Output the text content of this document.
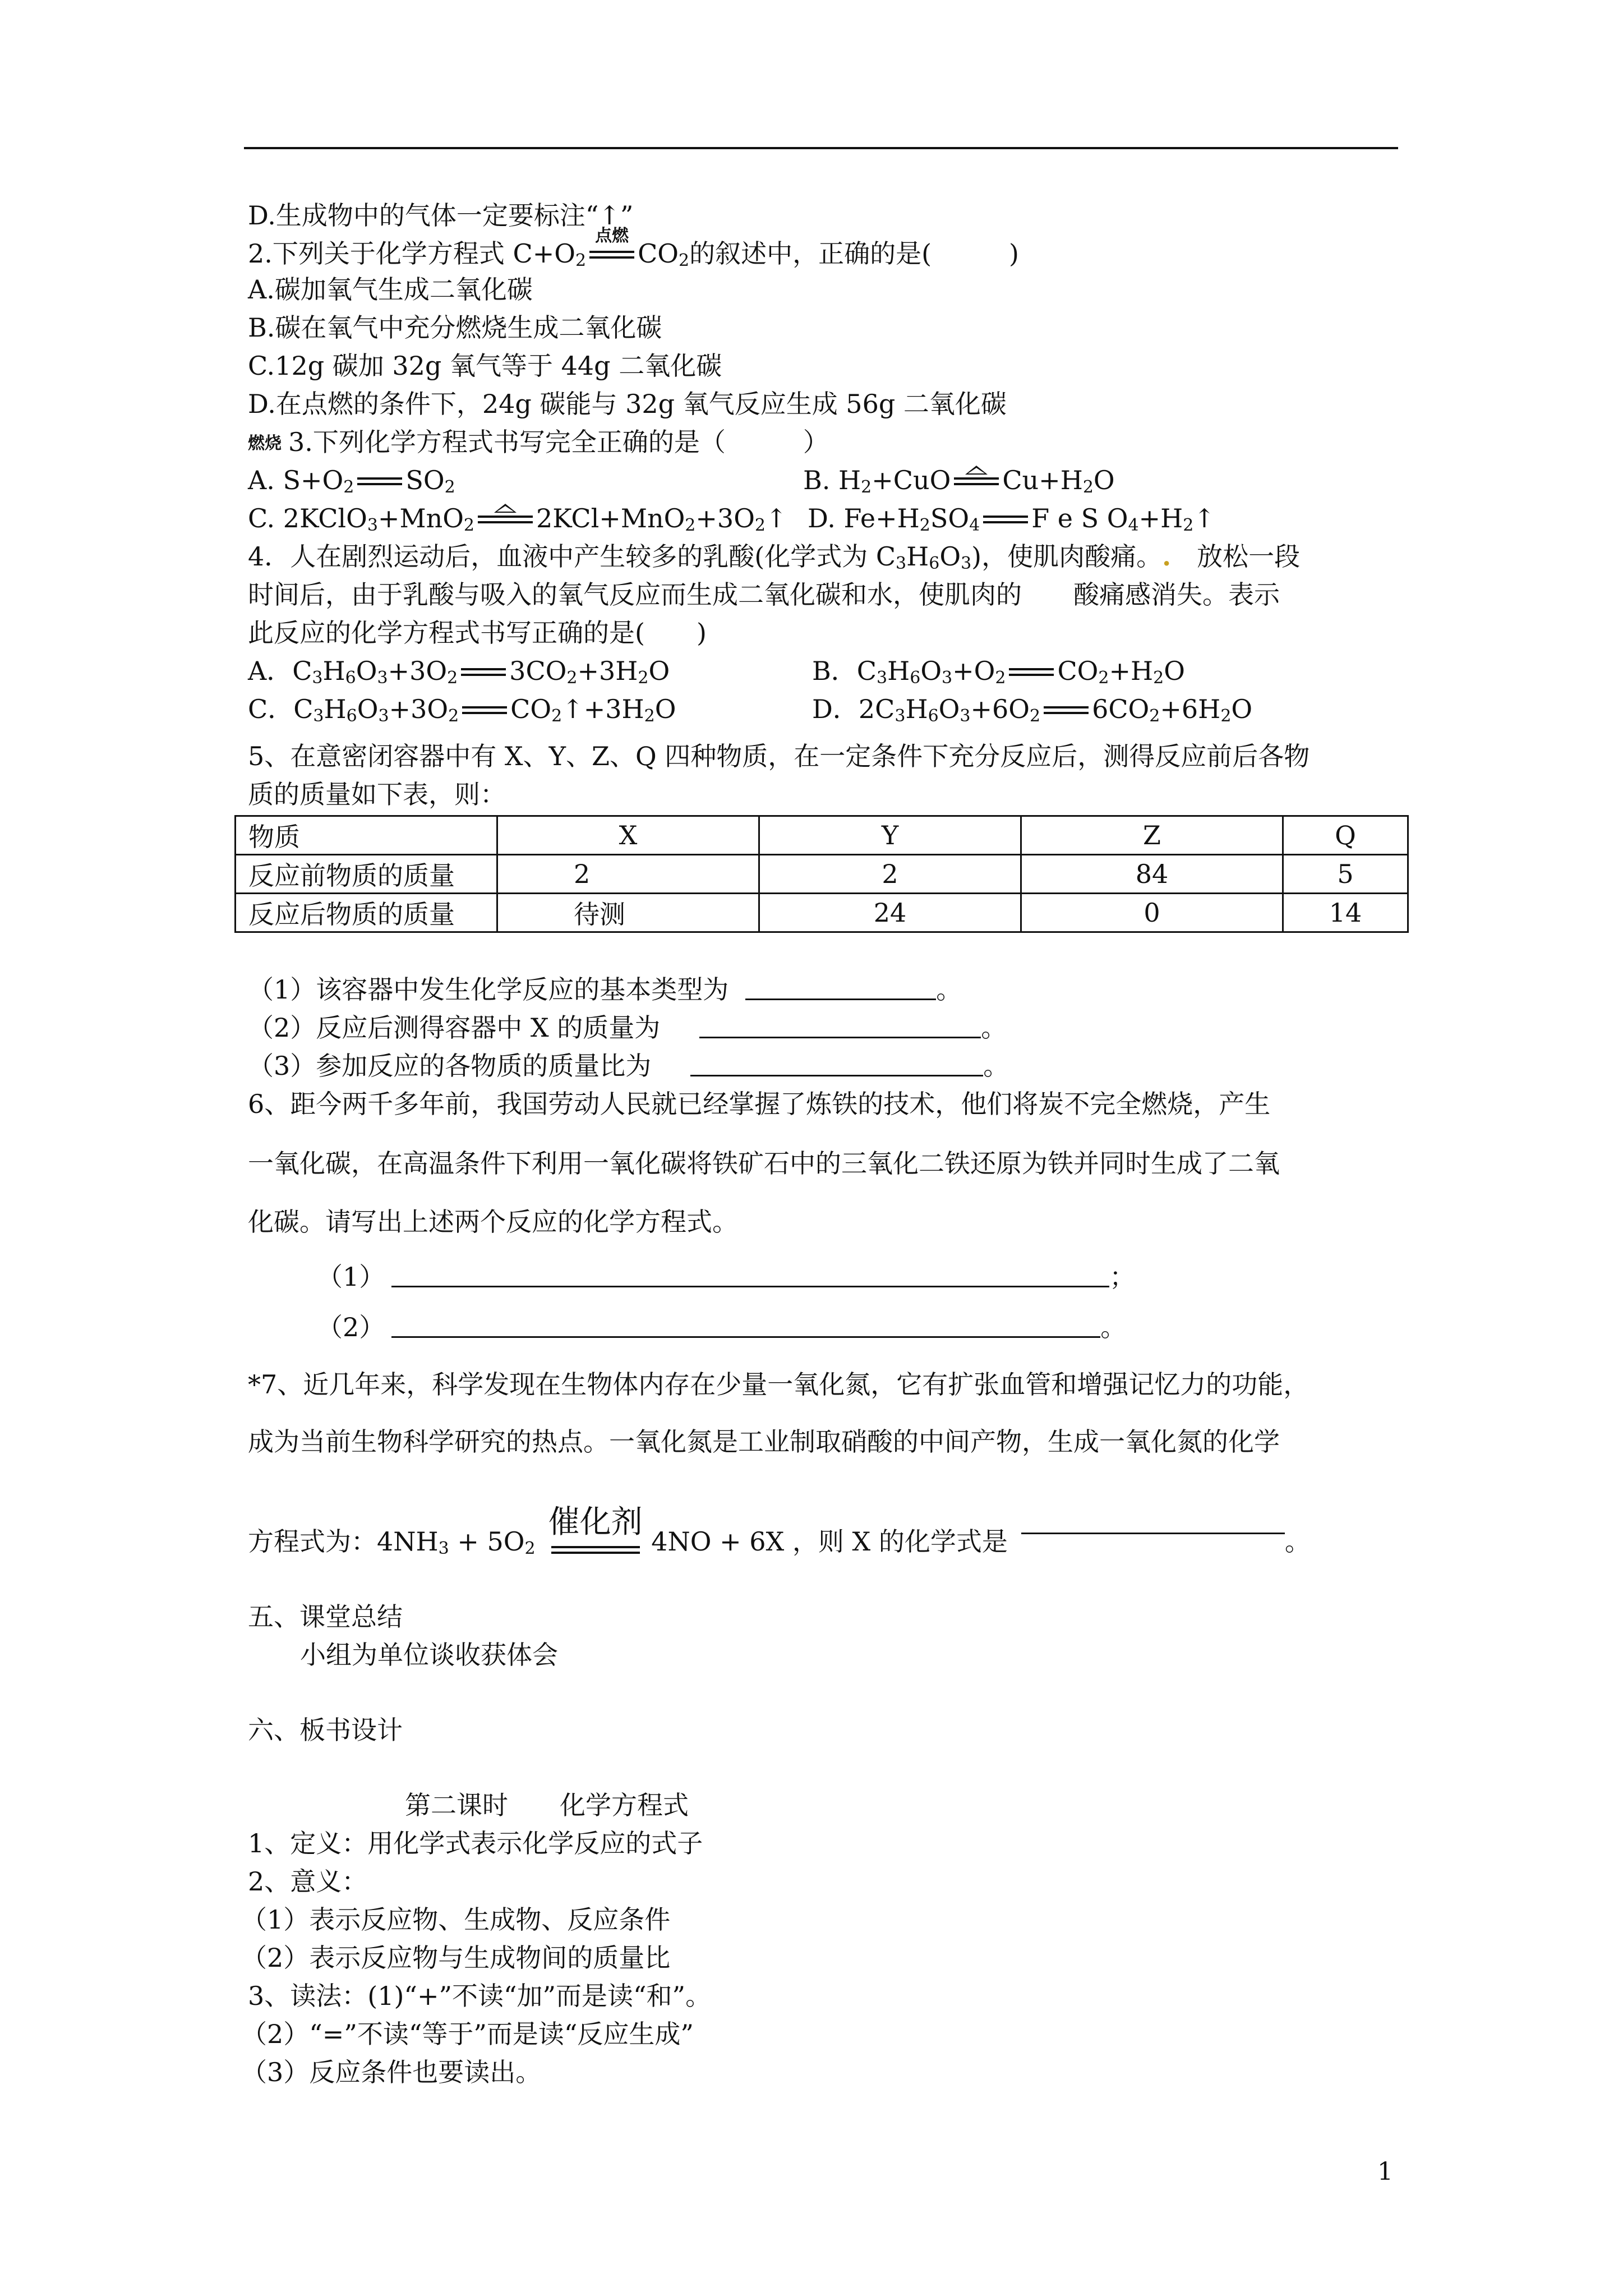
D.生成物中的气体一定要标注“↑”
2.下列关于化学方程式 $C+O_2$
点燃
$CO_2$的叙述中，正确的是(　　　)
A.碳加氧气生成二氧化碳
B.碳在氧气中充分燃烧生成二氧化碳
C.12g 碳加 32g 氧气等于 44g 二氧化碳
D.在点燃的条件下，24g 碳能与 32g 氧气反应生成 56g 二氧化碳
燃烧 3.下列化学方程式书写完全正确的是（　　　）
A. $S+O_2$ $SO_2$	B. $H_2+CuO$ $Cu+H_2O$
C. 2KClO$_3$+MnO$_2$ $2KCl+MnO_2+3O_2↑$ D. $Fe+H_2SO_4$ F e S $O_4+H_2↑$
4．人在剧烈运动后，血液中产生较多的乳酸(化学式为 $C_3H_6O_3$)，使肌肉酸痛。.　放松一段
时间后，由于乳酸与吸入的氧气反应而生成二氧化碳和水，使肌肉的　　酸痛感消失。表示
此反应的化学方程式书写正确的是(　　)
A．$C_3H_6O_3+3O_2$ $3CO_2+3H_2O$	B．$C_3H_6O_3+O_2$ $CO_2+H_2O$
C．$C_3H_6O_3+3O_2$ $CO_2↑+3H_2O$	D．$2C_3H_6O_3+6O_2$ $6CO_2+6H_2O$
5、在意密闭容器中有 X、Y、Z、Q 四种物质，在一定条件下充分反应后，测得反应前后各物
质的质量如下表，则：
物质	X	Y	Z	Q
反应前物质的质量	2	2	84	5
反应后物质的质量	待测	24	0	14
（1）该容器中发生化学反应的基本类型为	。
（2）反应后测得容器中 X 的质量为	。
（3）参加反应的各物质的质量比为	。
6、距今两千多年前，我国劳动人民就已经掌握了炼铁的技术，他们将炭不完全燃烧，产生
一氧化碳，在高温条件下利用一氧化碳将铁矿石中的三氧化二铁还原为铁并同时生成了二氧
化碳。请写出上述两个反应的化学方程式。
（1）	；
（2）	。
*7、近几年来，科学发现在生物体内存在少量一氧化氮，它有扩张血管和增强记忆力的功能，
成为当前生物科学研究的热点。一氧化氮是工业制取硝酸的中间产物，生成一氧化氮的化学
方程式为：$4NH_3 + 5O_2$
催化剂
4NO + 6X ，则 X 的化学式是	。
五、课堂总结
小组为单位谈收获体会
六、板书设计
第二课时　　化学方程式
1、定义：用化学式表示化学反应的式子
2、意义：
（1）表示反应物、生成物、反应条件
（2）表示反应物与生成物间的质量比
3、读法：(1)“+”不读“加”而是读“和”。
（2）“=”不读“等于”而是读“反应生成”
（3）反应条件也要读出。
1
